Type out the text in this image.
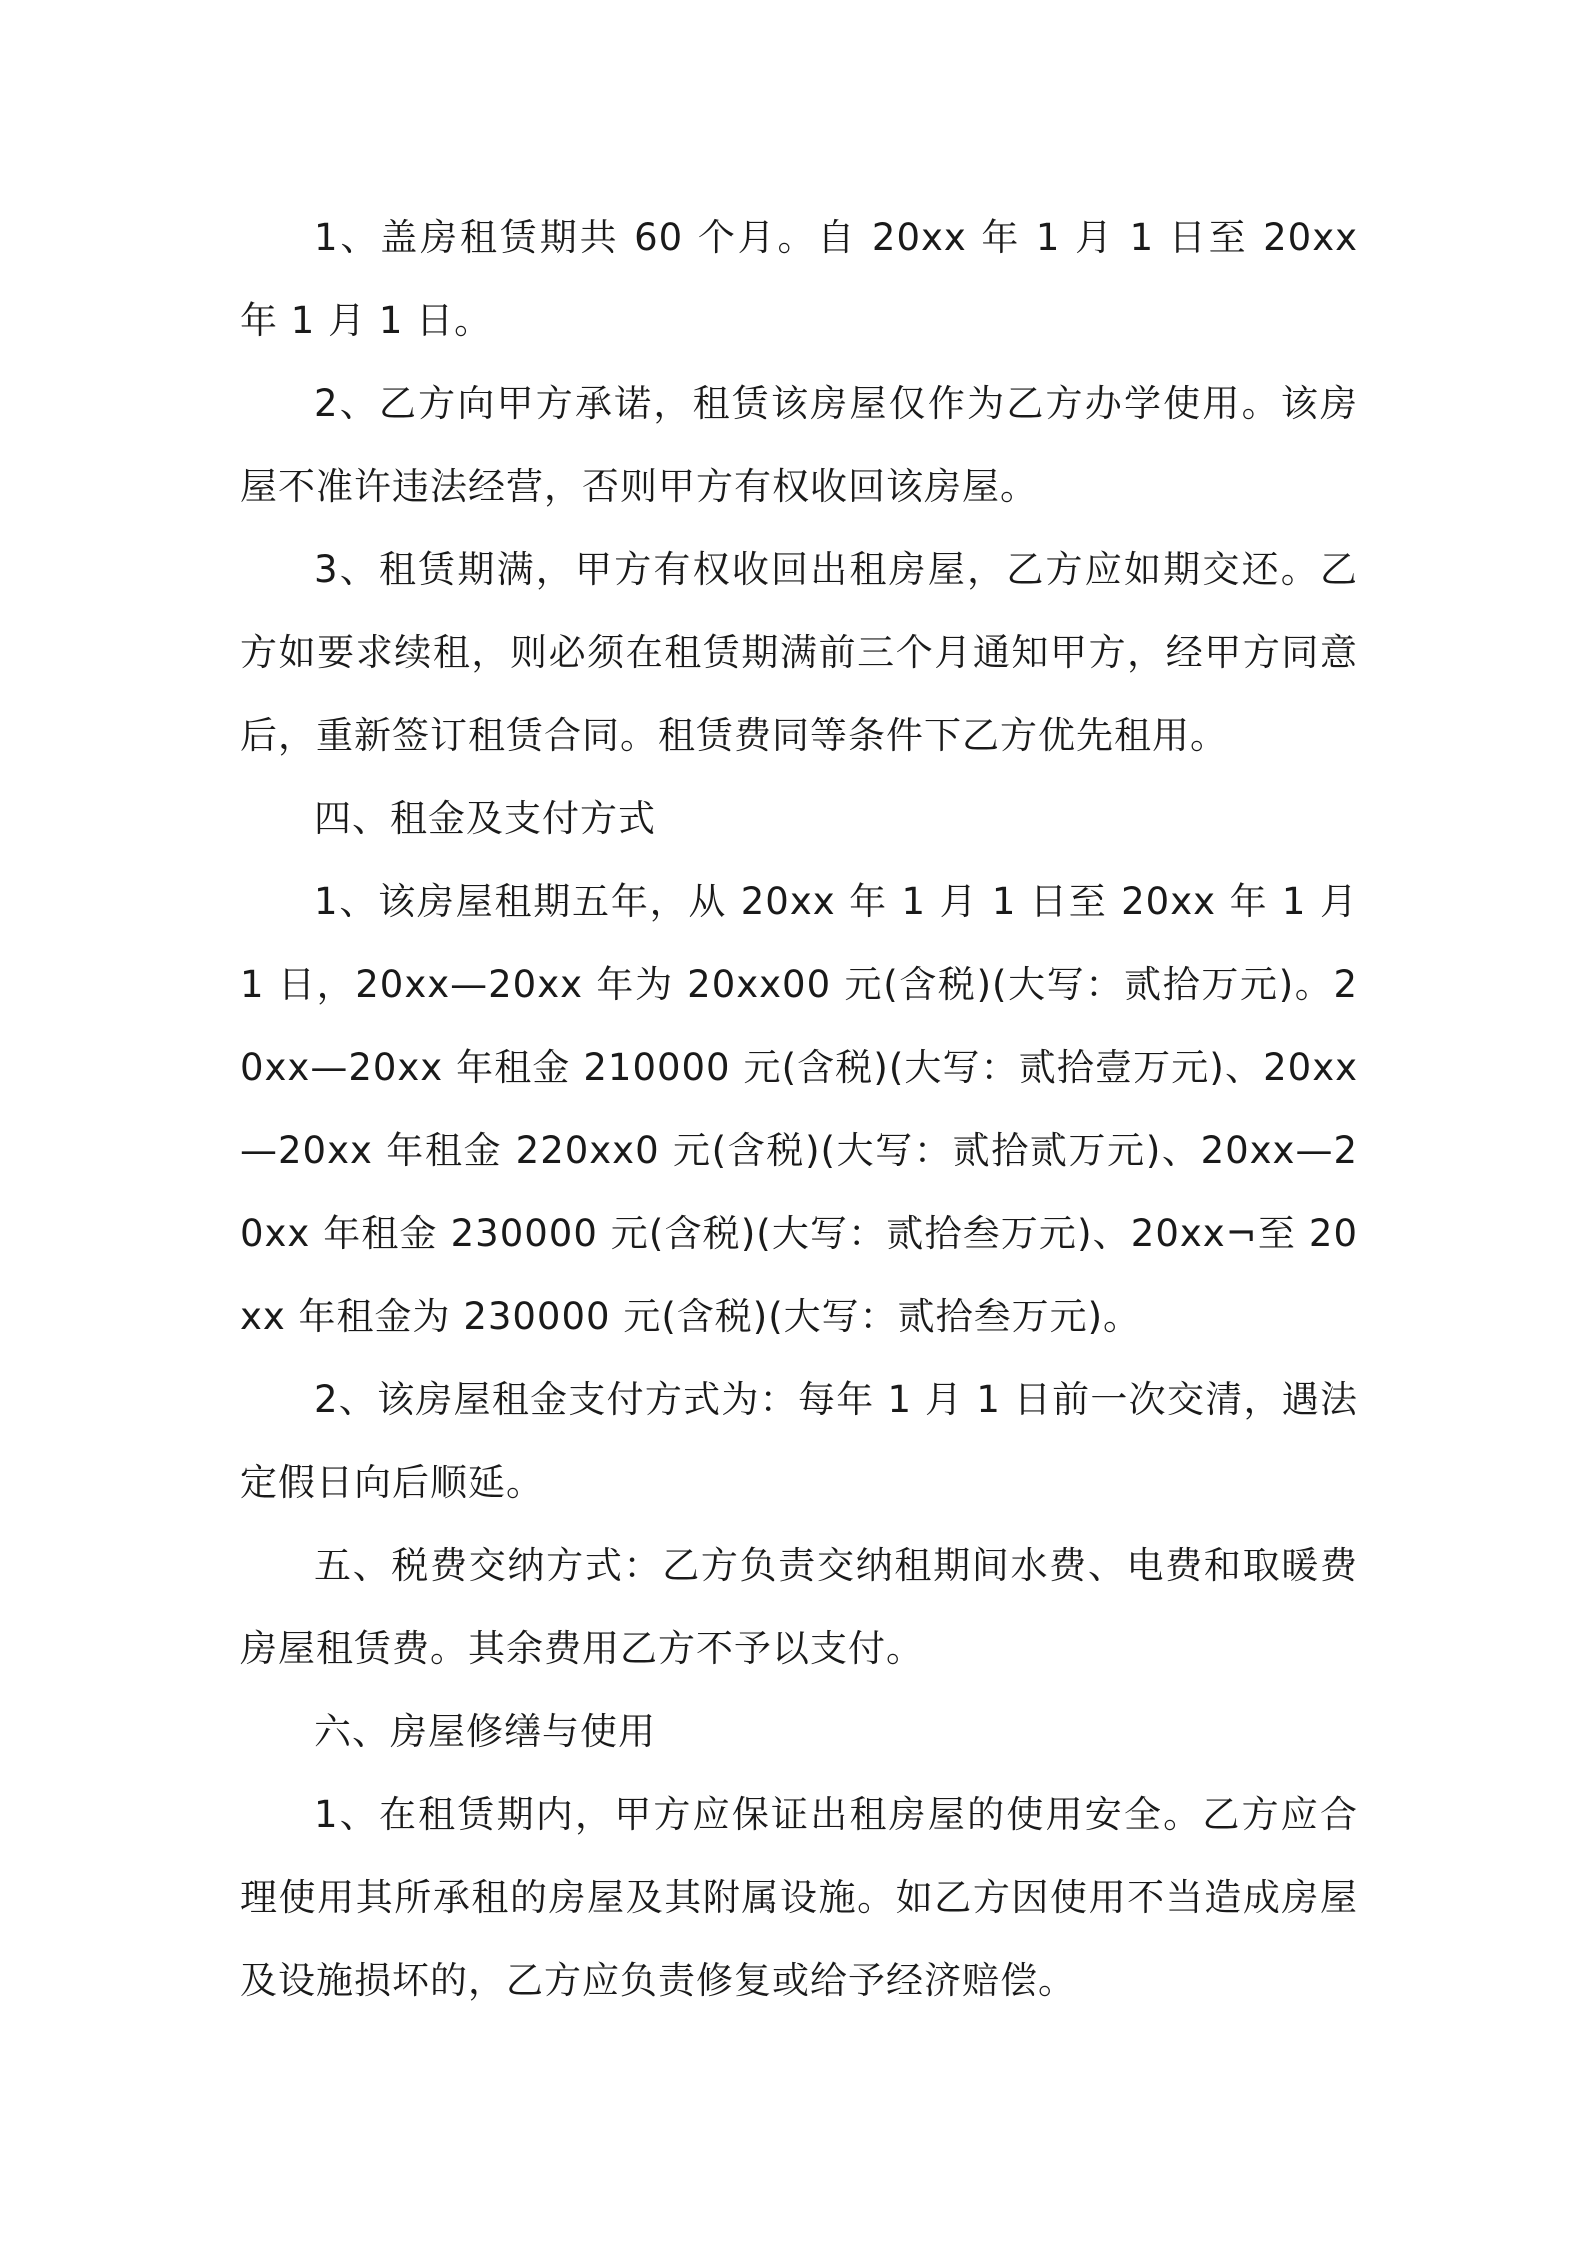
1、盖房租赁期共 60 个月。自 20xx 年 1 月 1 日至 20xx 年 1 月 1 日。

2、乙方向甲方承诺，租赁该房屋仅作为乙方办学使用。该房屋不准许违法经营，否则甲方有权收回该房屋。

3、租赁期满，甲方有权收回出租房屋，乙方应如期交还。乙方如要求续租，则必须在租赁期满前三个月通知甲方，经甲方同意后，重新签订租赁合同。租赁费同等条件下乙方优先租用。

四、租金及支付方式

1、该房屋租期五年，从 20xx 年 1 月 1 日至 20xx 年 1 月 1 日，20xx—20xx 年为 20xx00 元(含税)(大写：贰拾万元)。20xx—20xx 年租金 210000 元(含税)(大写：贰拾壹万元)、20xx—20xx 年租金 220xx0 元(含税)(大写：贰拾贰万元)、20xx—20xx 年租金 230000 元(含税)(大写：贰拾叁万元)、20xx¬至 20xx 年租金为 230000 元(含税)(大写：贰拾叁万元)。

2、该房屋租金支付方式为：每年 1 月 1 日前一次交清，遇法定假日向后顺延。

五、税费交纳方式：乙方负责交纳租期间水费、电费和取暖费房屋租赁费。其余费用乙方不予以支付。

六、房屋修缮与使用

1、在租赁期内，甲方应保证出租房屋的使用安全。乙方应合理使用其所承租的房屋及其附属设施。如乙方因使用不当造成房屋及设施损坏的，乙方应负责修复或给予经济赔偿。
